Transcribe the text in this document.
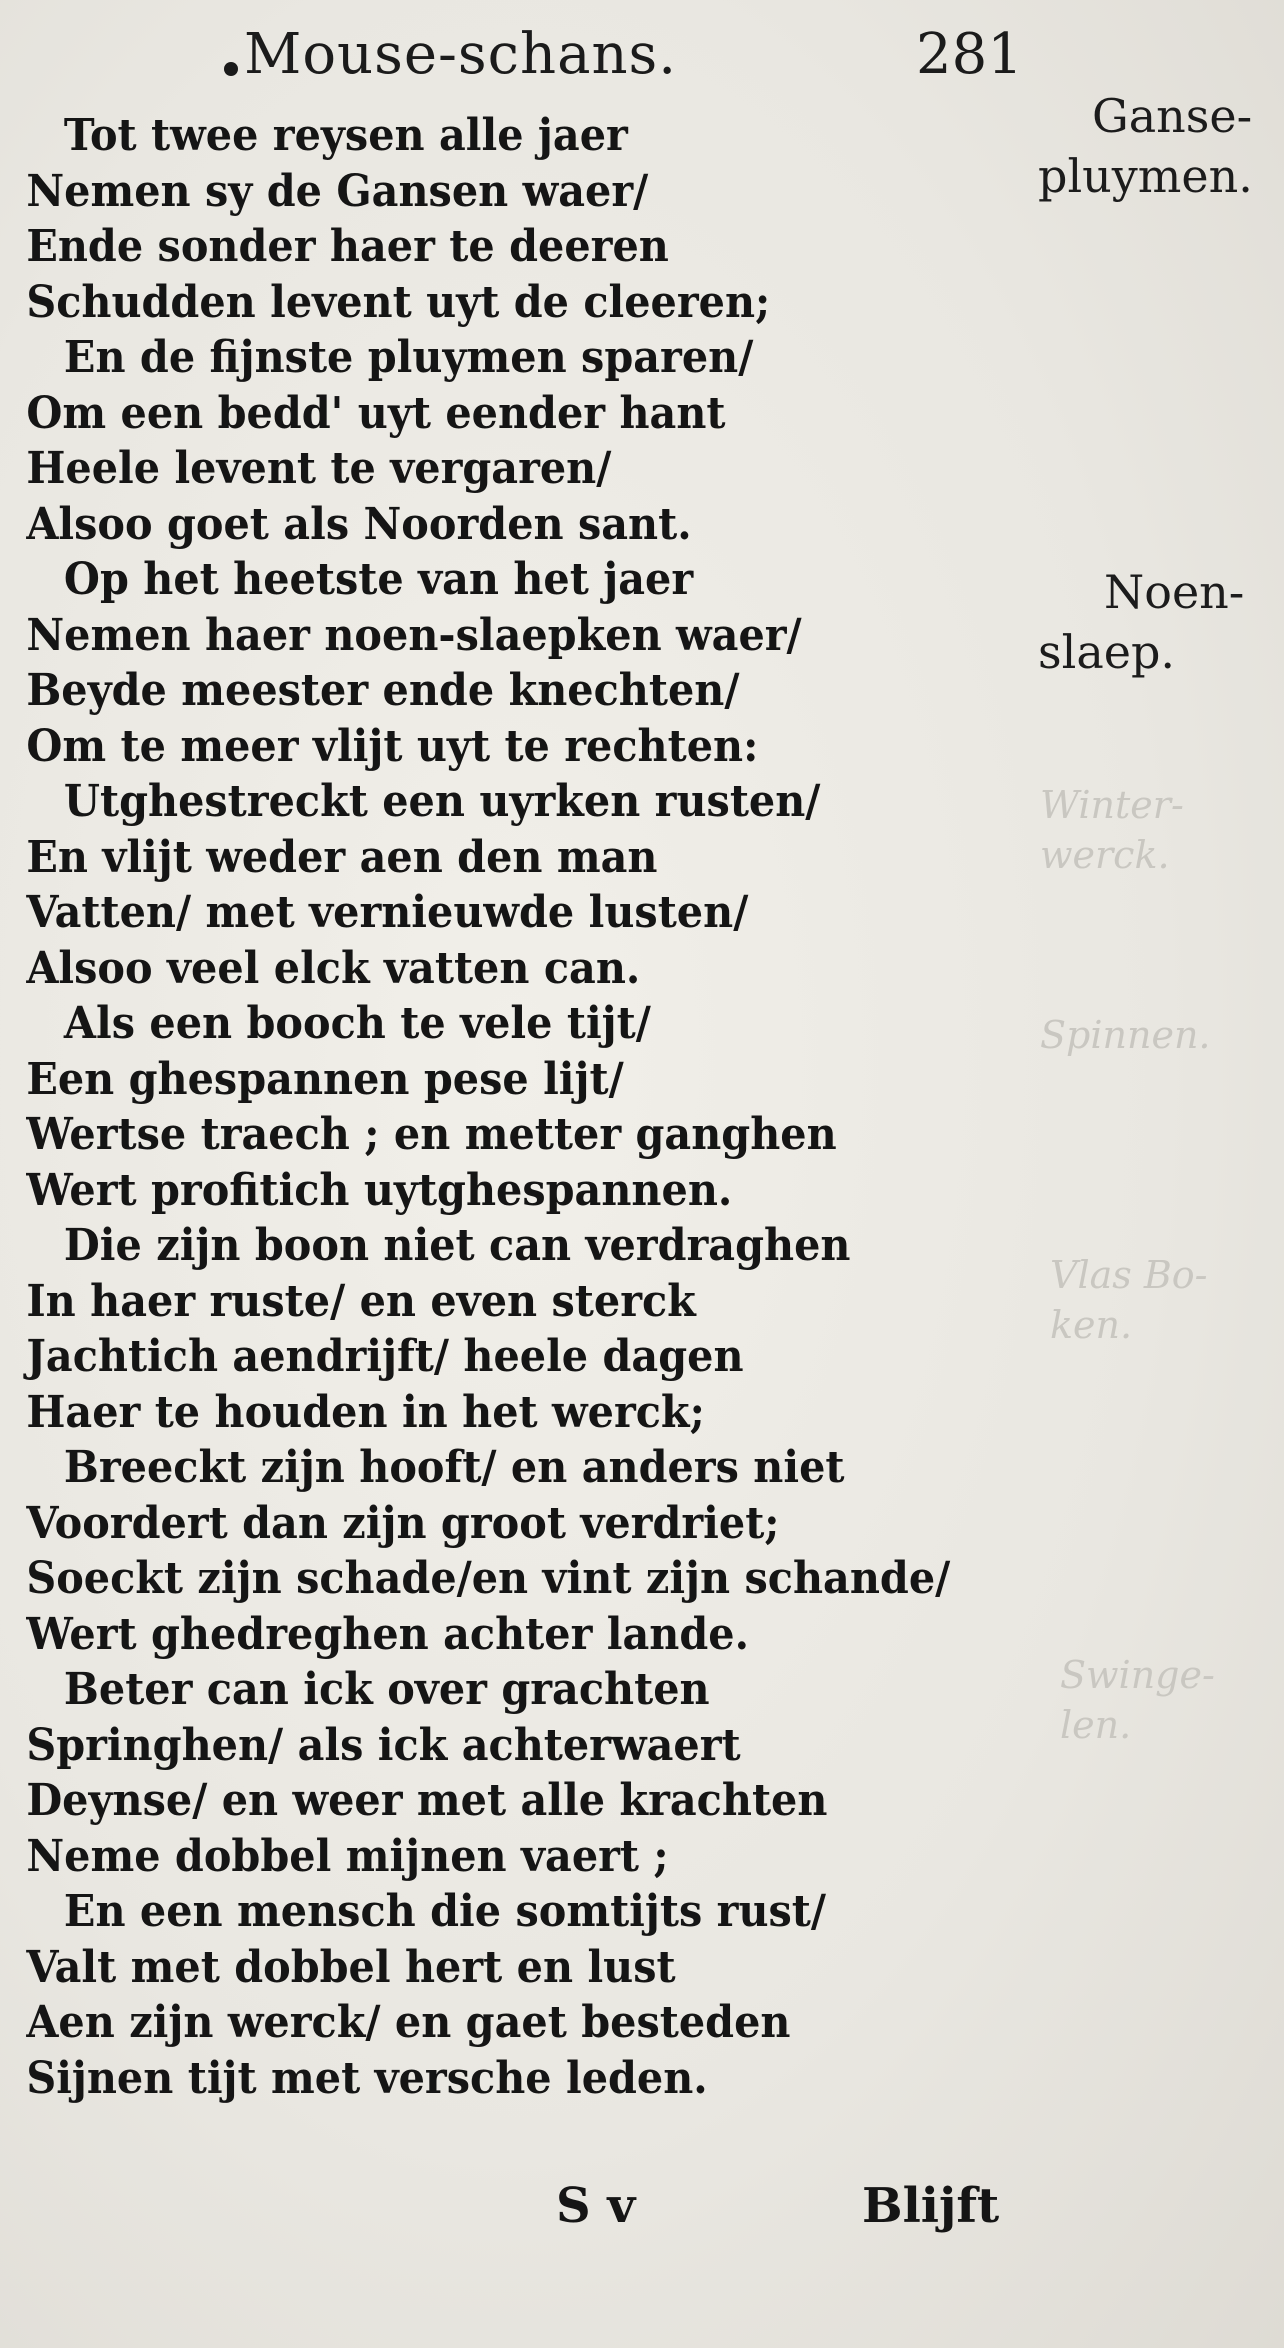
Mouse-schans.	281
Tot twee reysen alle jaer
Nemen sy de Gansen waer/
Ende sonder haer te deeren
Schudden levent uyt de cleeren;
En de fijnste pluymen sparen/
Om een bedd' uyt eender hant
Heele levent te vergaren/
Alsoo goet als Noorden sant.
Op het heetste van het jaer
Nemen haer noen-slaepken waer/
Beyde meester ende knechten/
Om te meer vlijt uyt te rechten:
Utghestreckt een uyrken rusten/
En vlijt weder aen den man
Vatten/ met vernieuwde lusten/
Alsoo veel elck vatten can.
Als een booch te vele tijt/
Een ghespannen pese lijt/
Wertse traech ; en metter ganghen
Wert profitich uytghespannen.
Die zijn boon niet can verdraghen
In haer ruste/ en even sterck
Jachtich aendrijft/ heele dagen
Haer te houden in het werck;
Breeckt zijn hooft/ en anders niet
Voordert dan zijn groot verdriet;
Soeckt zijn schade/en vint zijn schande/
Wert ghedreghen achter lande.
Beter can ick over grachten
Springhen/ als ick achterwaert
Deynse/ en weer met alle krachten
Neme dobbel mijnen vaert ;
En een mensch die somtijts rust/
Valt met dobbel hert en lust
Aen zijn werck/ en gaet besteden
Sijnen tijt met versche leden.
Ganse-
pluymen.
Noen-
slaep.
Winter-
werck.
Spinnen.
Vlas Bo-
ken.
Swinge-
len.
S v	Blijft
